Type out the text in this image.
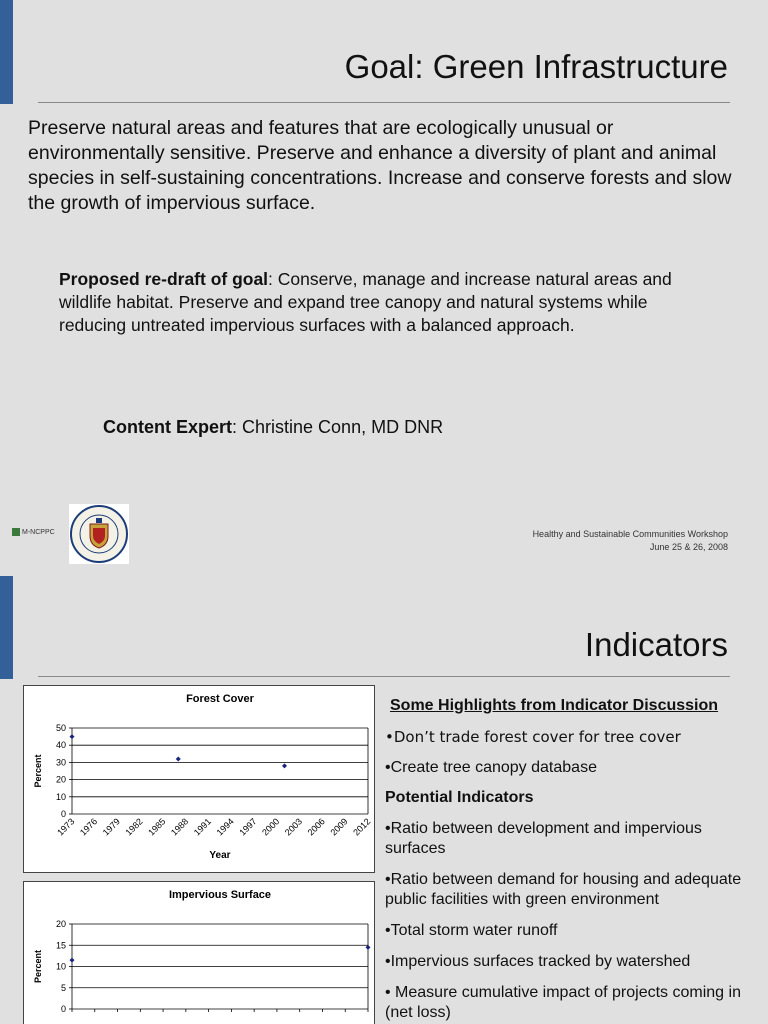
Goal: Green Infrastructure

Preserve natural areas and features that are ecologically unusual or environmentally sensitive. Preserve and enhance a diversity of plant and animal species in self-sustaining concentrations. Increase and conserve forests and slow the growth of impervious surface.

Proposed re-draft of goal: Conserve, manage and increase natural areas and wildlife habitat. Preserve and expand tree canopy and natural systems while reducing untreated impervious surfaces with a balanced approach.

Content Expert: Christine Conn, MD DNR

M-NCPPC	Healthy and Sustainable Communities Workshop
June 25 & 26, 2008
Indicators
Forest Cover
0
10
20
30
40
50
Percent
1973 1976 1979 1982 1985 1988 1991 1994 1997 2000 2003 2006 2009 2012
Year
Impervious Surface
0
5
10
15
20
Percent

Some Highlights from Indicator Discussion

•Don’t trade forest cover for tree cover

•Create tree canopy database

Potential Indicators

•Ratio between development and impervious surfaces

•Ratio between demand for housing and adequate public facilities with green environment

•Total storm water runoff

•Impervious surfaces tracked by watershed

• Measure cumulative impact of projects coming in (net loss)
